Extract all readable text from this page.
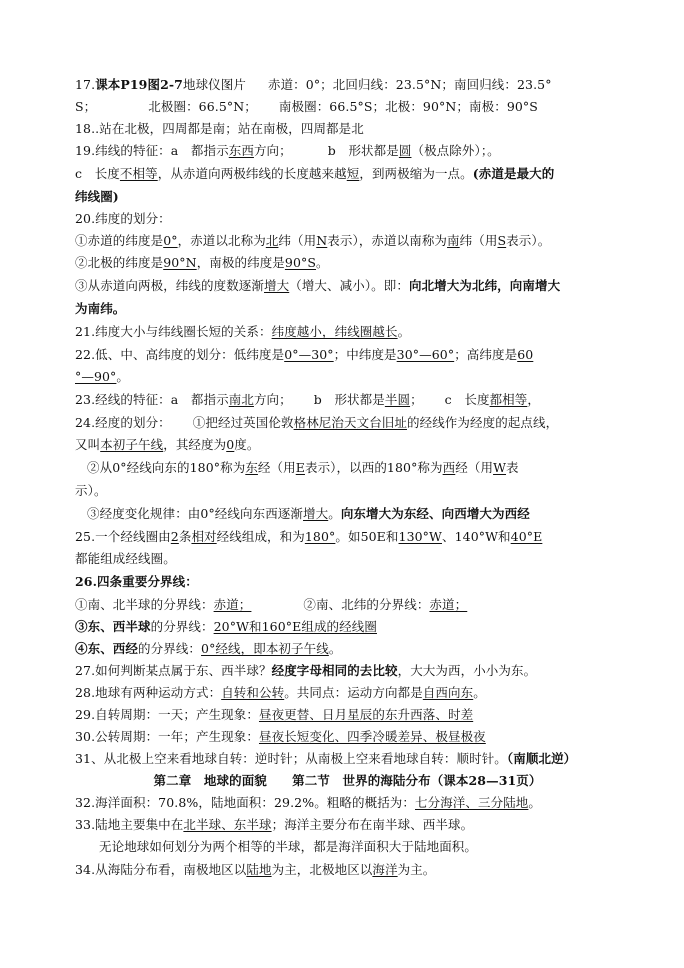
17.课本P19图2-7地球仪图片 赤道：0°；北回归线：23.5°N；南回归线：23.5°
S；	北极圈：66.5°N； 南极圈：66.5°S；北极：90°N；南极：90°S
18..站在北极，四周都是南；站在南极，四周都是北
19.纬线的特征：a　都指示东西方向；	b　形状都是圆（极点除外）；。
c　长度不相等，从赤道向两极纬线的长度越来越短，到两极缩为一点。(赤道是最大的
纬线圈)
20.纬度的划分：
①赤道的纬度是0°，赤道以北称为北纬（用N表示），赤道以南称为南纬（用S表示）。
②北极的纬度是90°N，南极的纬度是90°S。
③从赤道向两极，纬线的度数逐渐增大（增大、减小）。即：向北增大为北纬，向南增大
为南纬。
21.纬度大小与纬线圈长短的关系：纬度越小，纬线圈越长。
22.低、中、高纬度的划分：低纬度是0°—30°；中纬度是30°—60°；高纬度是60
°—90°。
23.经线的特征：a　都指示南北方向； b　形状都是半圆； c　长度都相等，
24.经度的划分： ①把经过英国伦敦格林尼治天文台旧址的经线作为经度的起点线，
又叫本初子午线，其经度为0度。
②从0°经线向东的180°称为东经（用E表示），以西的180°称为西经（用W表
示）。
③经度变化规律：由0°经线向东西逐渐增大。向东增大为东经、向西增大为西经
25.一个经线圈由2条相对经线组成，和为180°。如50E和130°W、140°W和40°E
都能组成经线圈。
26.四条重要分界线：
①南、北半球的分界线：赤道；	②南、北纬的分界线：赤道；
③东、西半球的分界线：20°W和160°E组成的经线圈
④东、西经的分界线：0°经线，即本初子午线。
27.如何判断某点属于东、西半球？经度字母相同的去比较，大大为西，小小为东。
28.地球有两种运动方式：自转和公转。共同点：运动方向都是自西向东。
29.自转周期：一天；产生现象：昼夜更替、日月星辰的东升西落、时差
30.公转周期：一年；产生现象：昼夜长短变化、四季冷暖差异、极昼极夜
31、从北极上空来看地球自转：逆时针；从南极上空来看地球自转：顺时针。（南顺北逆）
第二章　地球的面貌　　第二节　世界的海陆分布（课本28—31页）
32.海洋面积：70.8%，陆地面积：29.2%。粗略的概括为：七分海洋、三分陆地。
33.陆地主要集中在北半球、东半球；海洋主要分布在南半球、西半球。
无论地球如何划分为两个相等的半球，都是海洋面积大于陆地面积。
34.从海陆分布看，南极地区以陆地为主，北极地区以海洋为主。
